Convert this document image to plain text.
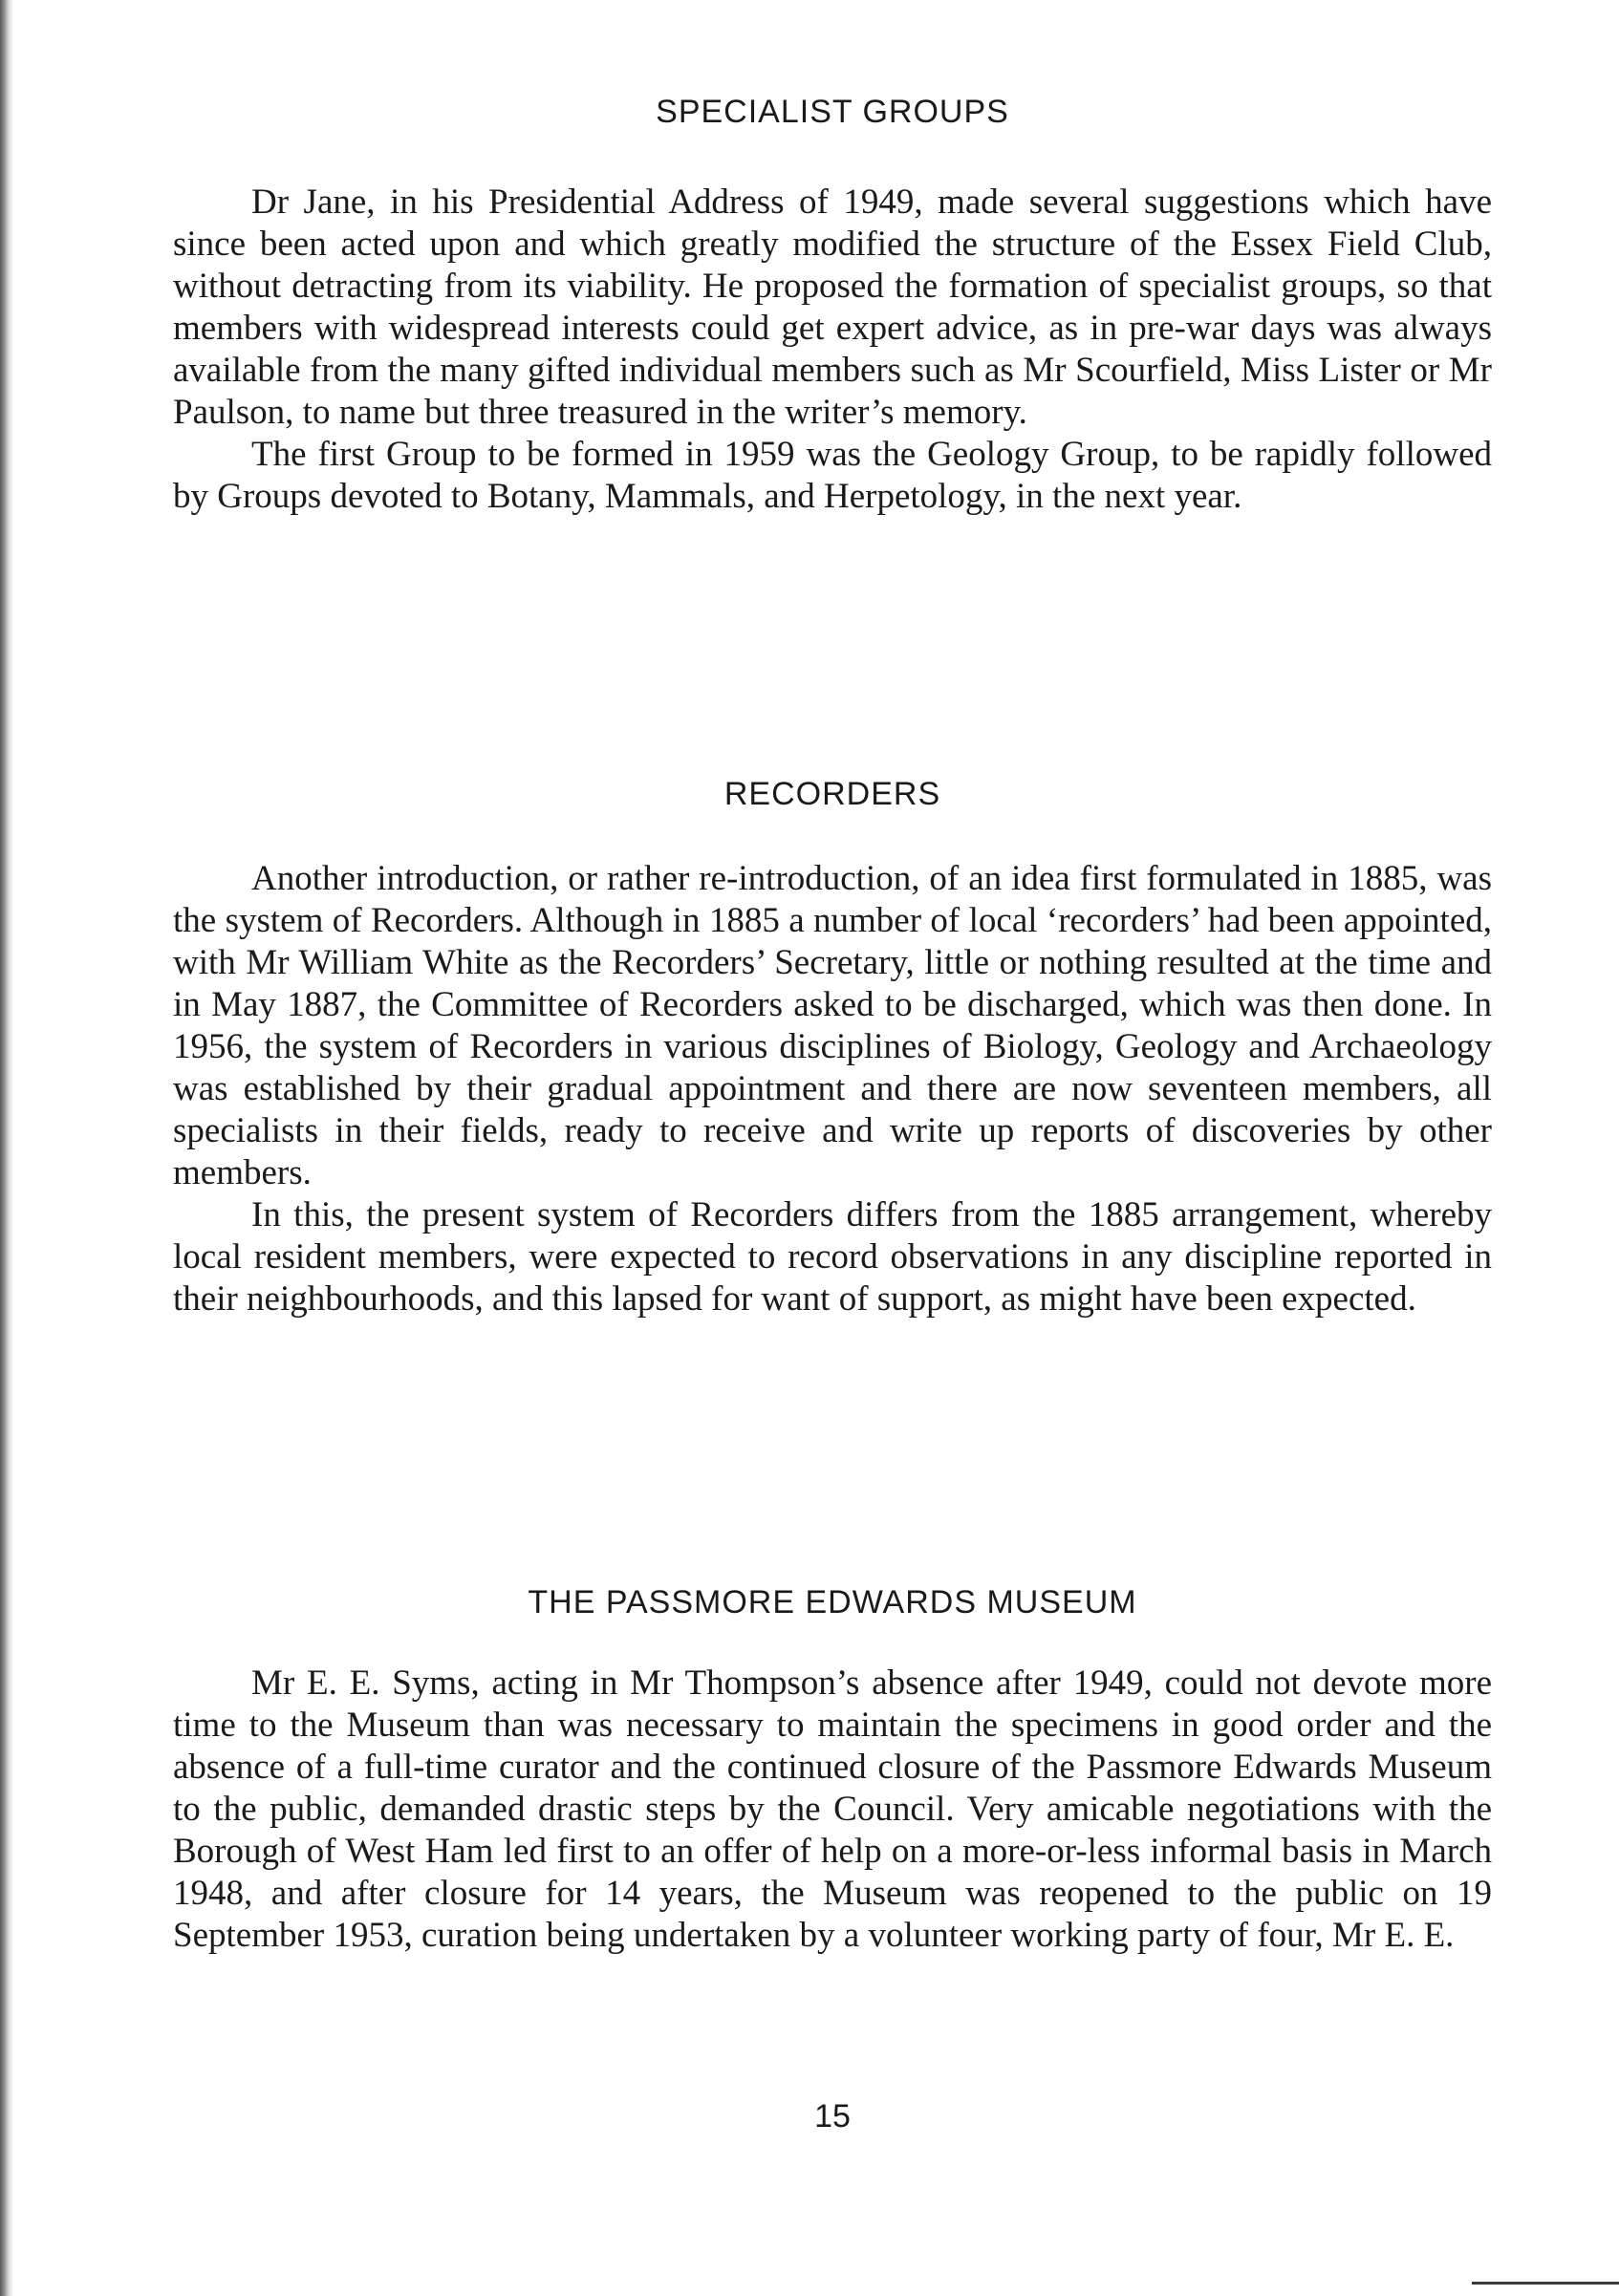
SPECIALIST GROUPS

Dr Jane, in his Presidential Address of 1949, made several suggestions which have since been acted upon and which greatly modified the structure of the Essex Field Club, without detracting from its viability. He proposed the formation of specialist groups, so that members with widespread interests could get expert advice, as in pre-war days was always available from the many gifted individual members such as Mr Scourfield, Miss Lister or Mr Paulson, to name but three treasured in the writer’s memory.

The first Group to be formed in 1959 was the Geology Group, to be rapidly followed by Groups devoted to Botany, Mammals, and Herpetology, in the next year.

RECORDERS

Another introduction, or rather re-introduction, of an idea first formulated in 1885, was the system of Recorders. Although in 1885 a number of local ‘recorders’ had been appointed, with Mr William White as the Recorders’ Secretary, little or nothing resulted at the time and in May 1887, the Committee of Recorders asked to be discharged, which was then done. In 1956, the system of Recorders in various disciplines of Biology, Geology and Archaeology was established by their gradual appointment and there are now seventeen members, all specialists in their fields, ready to receive and write up reports of discoveries by other members.

In this, the present system of Recorders differs from the 1885 arrangement, whereby local resident members, were expected to record observations in any discipline reported in their neighbourhoods, and this lapsed for want of support, as might have been expected.

THE PASSMORE EDWARDS MUSEUM

Mr E. E. Syms, acting in Mr Thompson’s absence after 1949, could not devote more time to the Museum than was necessary to maintain the specimens in good order and the absence of a full-time curator and the continued closure of the Passmore Edwards Museum to the public, demanded drastic steps by the Council. Very amicable negotiations with the Borough of West Ham led first to an offer of help on a more-or-less informal basis in March 1948, and after closure for 14 years, the Museum was reopened to the public on 19 September 1953, curation being undertaken by a volunteer working party of four, Mr E. E.

15
